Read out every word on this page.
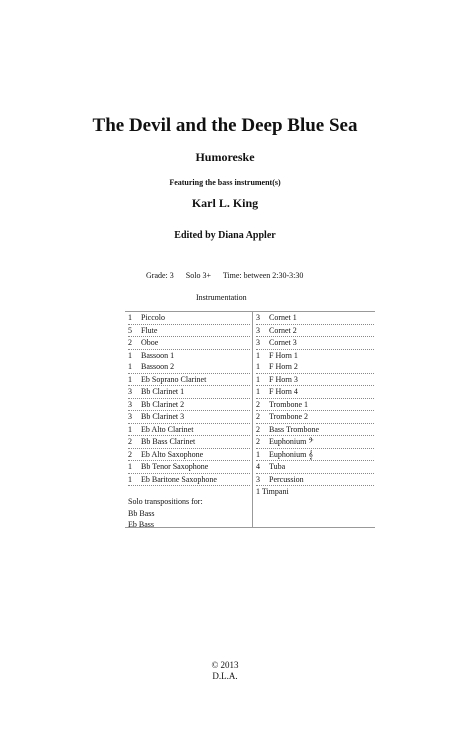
The Devil and the Deep Blue Sea
Humoreske
Featuring the bass instrument(s)
Karl L. King
Edited by Diana Appler
Grade: 3 Solo 3+ Time: between 2:30-3:30
Instrumentation
1 Piccolo
5 Flute
2 Oboe
1 Bassoon 1
1 Bassoon 2
1 Eb Soprano Clarinet
3 Bb Clarinet 1
3 Bb Clarinet 2
3 Bb Clarinet 3
1 Eb Alto Clarinet
2 Bb Bass Clarinet
2 Eb Alto Saxophone
1 Bb Tenor Saxophone
1 Eb Baritone Saxophone
3 Cornet 1
3 Cornet 2
3 Cornet 3
1 F Horn 1
1 F Horn 2
1 F Horn 3
1 F Horn 4
2 Trombone 1
2 Trombone 2
2 Bass Trombone
2 Euphonium 𝄢
1 Euphonium 𝄞
4 Tuba
3 Percussion
1 Timpani
Solo transpositions for:
Bb Bass
Eb Bass
© 2013
D.L.A.
